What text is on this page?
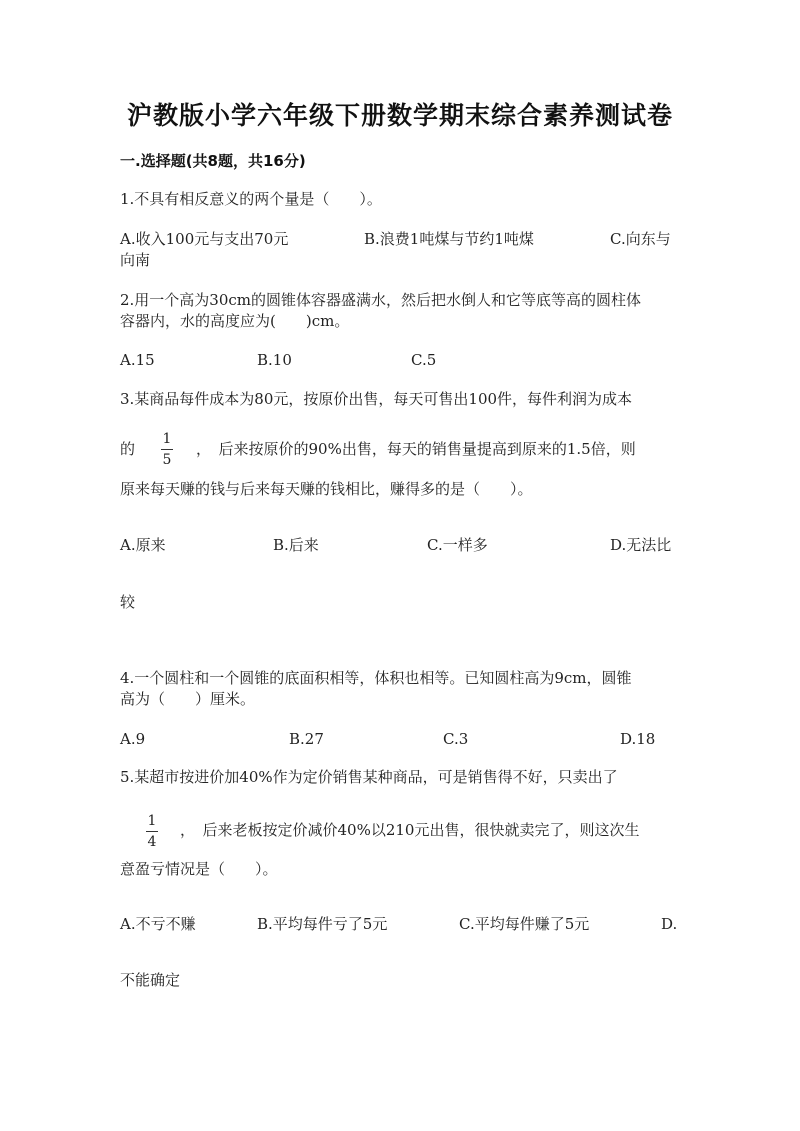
沪教版小学六年级下册数学期末综合素养测试卷
一.选择题(共8题，共16分)
1.不具有相反意义的两个量是（　　）。
A.收入100元与支出70元	B.浪费1吨煤与节约1吨煤	C.向东与
向南
2.用一个高为30cm的圆锥体容器盛满水，然后把水倒人和它等底等高的圆柱体
容器内，水的高度应为(　　)cm。
A.15	B.10	C.5
3.某商品每件成本为80元，按原价出售，每天可售出100件，每件利润为成本
的
1
5
，　后来按原价的90%出售，每天的销售量提高到原来的1.5倍，则
原来每天赚的钱与后来每天赚的钱相比，赚得多的是（　　）。
A.原来	B.后来	C.一样多	D.无法比
较
4.一个圆柱和一个圆锥的底面积相等，体积也相等。已知圆柱高为9cm，圆锥
高为（　　）厘米。
A.9	B.27	C.3	D.18
5.某超市按进价加40%作为定价销售某种商品，可是销售得不好，只卖出了
1
4
，　后来老板按定价减价40%以210元出售，很快就卖完了，则这次生
意盈亏情况是（　　）。
A.不亏不赚	B.平均每件亏了5元	C.平均每件赚了5元	D.
不能确定
